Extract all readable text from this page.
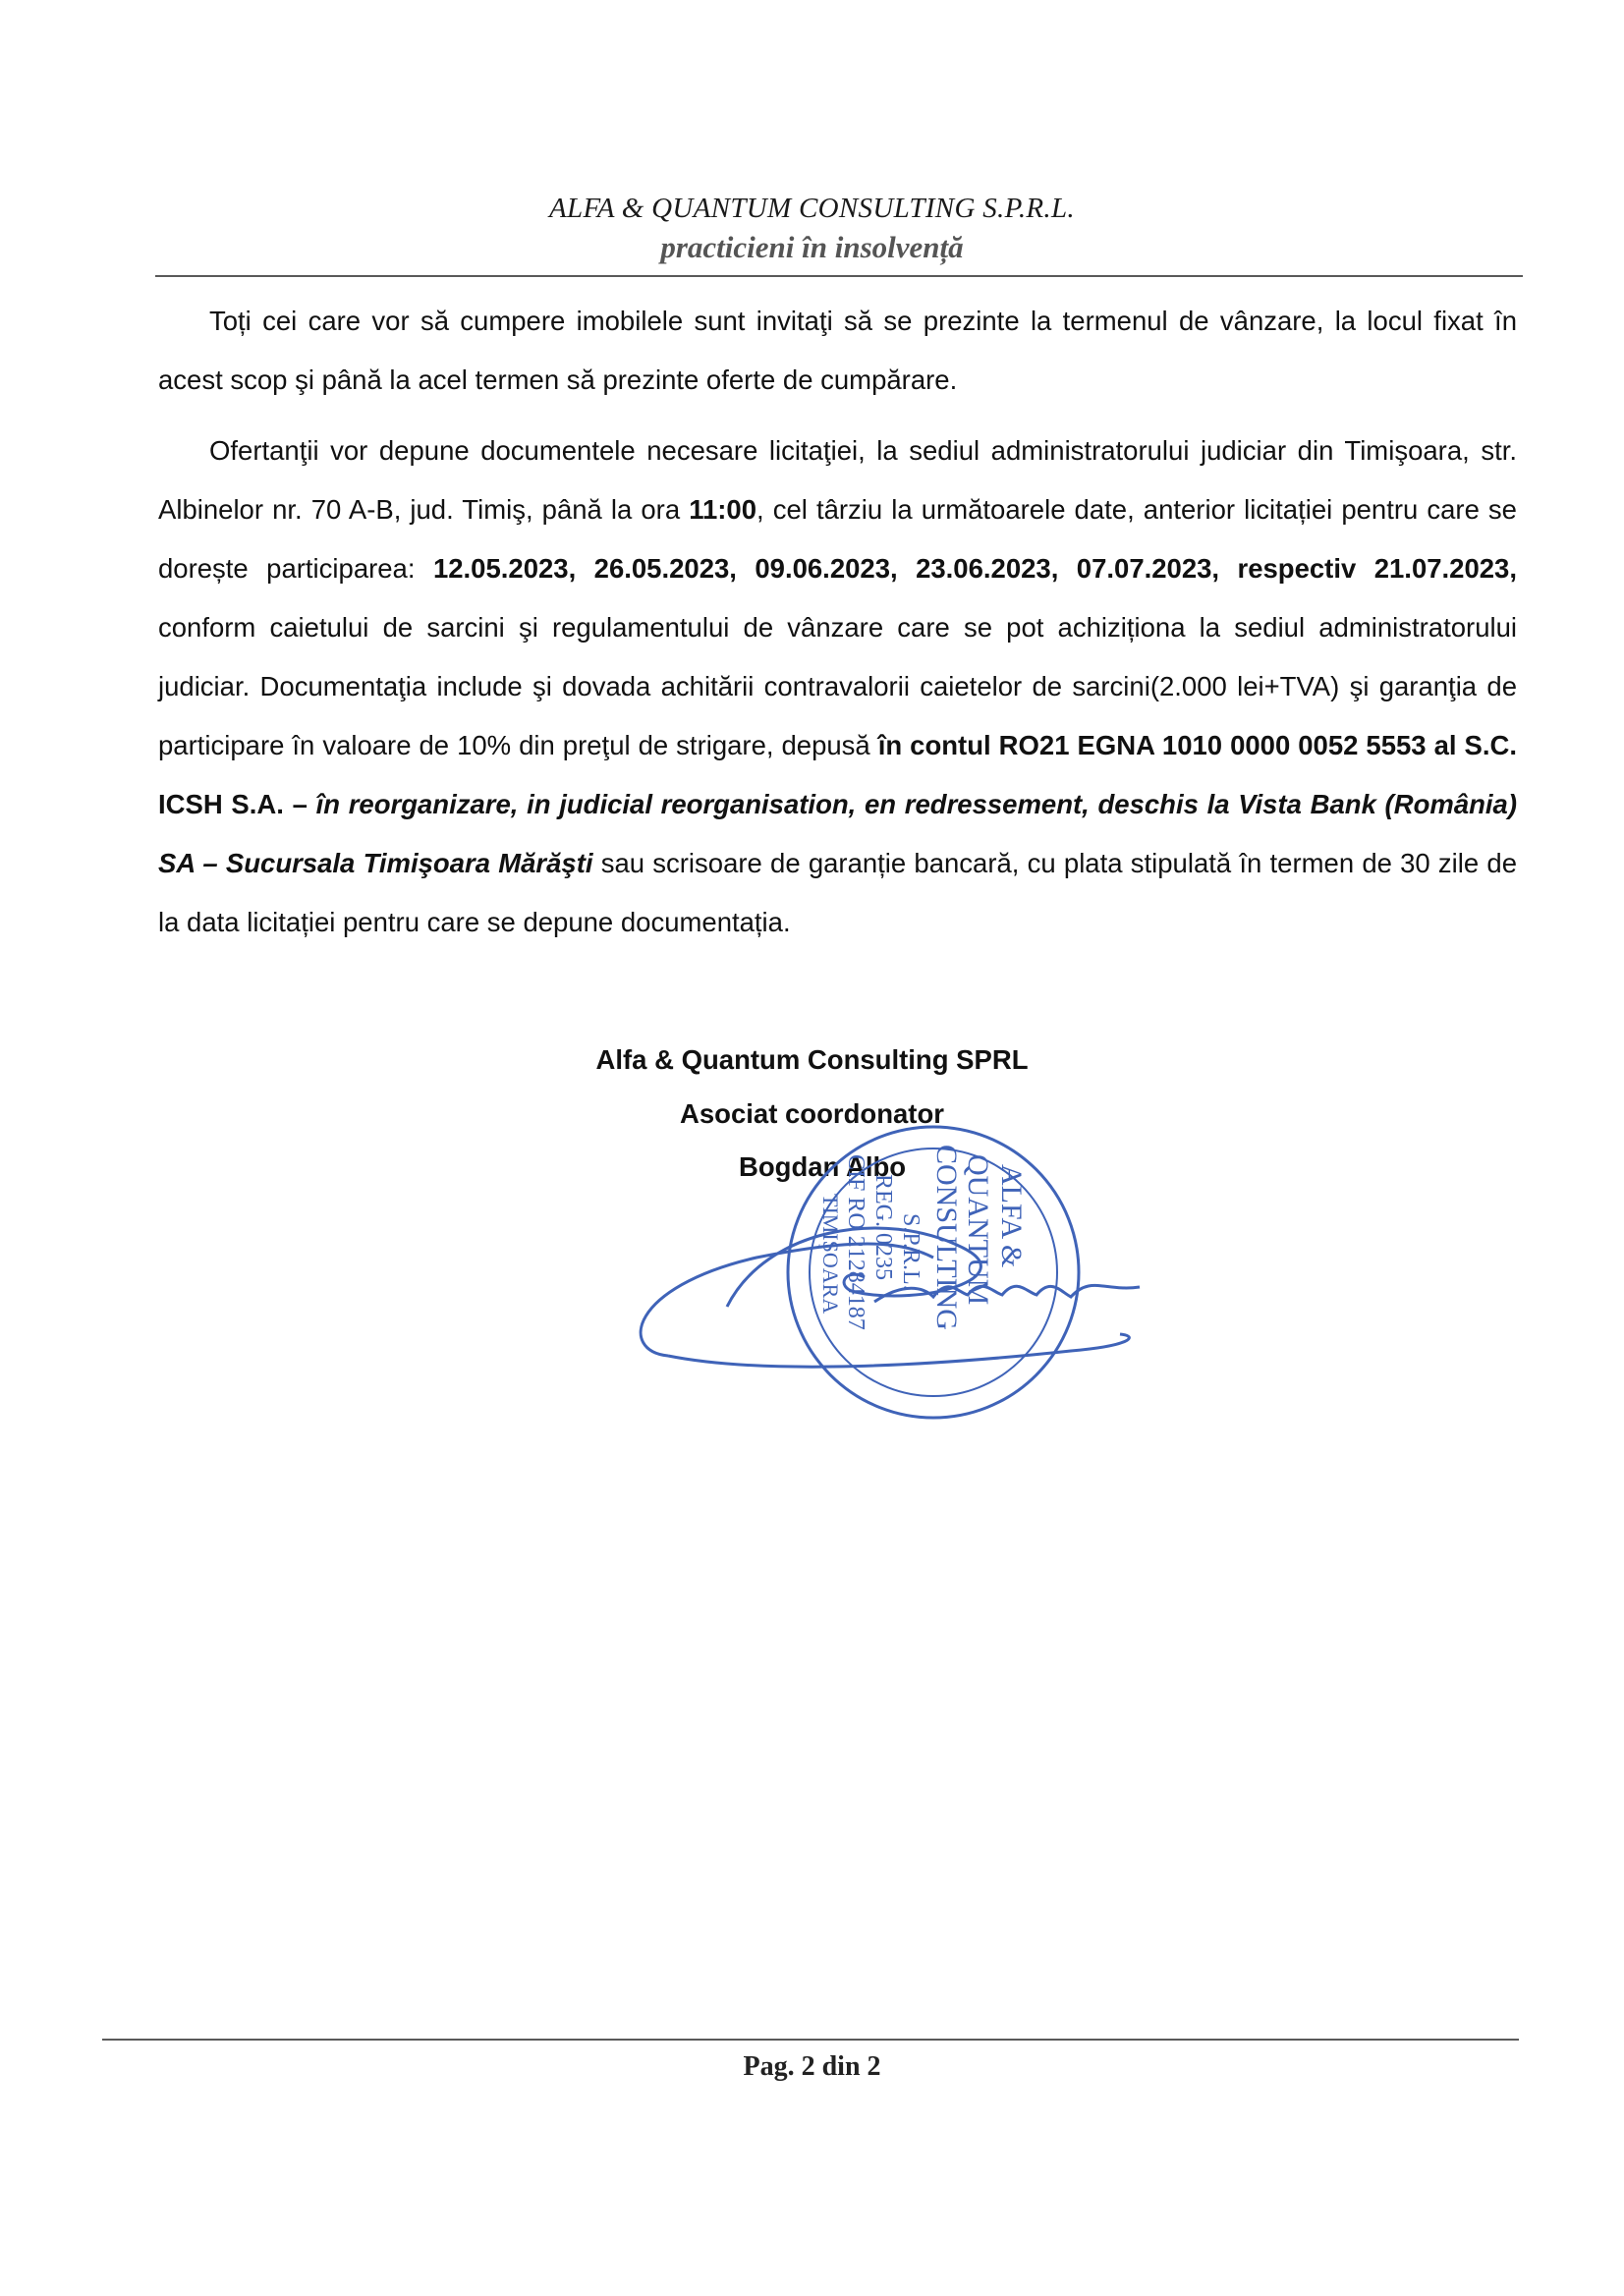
ALFA & QUANTUM CONSULTING S.P.R.L.
practicieni în insolvență

Toți cei care vor să cumpere imobilele sunt invitaţi să se prezinte la termenul de vânzare, la locul fixat în acest scop şi până la acel termen să prezinte oferte de cumpărare.

Ofertanţii vor depune documentele necesare licitaţiei, la sediul administratorului judiciar din Timişoara, str. Albinelor nr. 70 A-B, jud. Timiş, până la ora 11:00, cel târziu la următoarele date, anterior licitației pentru care se dorește participarea: 12.05.2023, 26.05.2023, 09.06.2023, 23.06.2023, 07.07.2023, respectiv 21.07.2023, conform caietului de sarcini şi regulamentului de vânzare care se pot achiziționa la sediul administratorului judiciar. Documentaţia include şi dovada achitării contravalorii caietelor de sarcini(2.000 lei+TVA) şi garanţia de participare în valoare de 10% din preţul de strigare, depusă în contul RO21 EGNA 1010 0000 0052 5553 al S.C. ICSH S.A. – în reorganizare, in judicial reorganisation, en redressement, deschis la Vista Bank (România) SA – Sucursala Timişoara Mărăşti sau scrisoare de garanție bancară, cu plata stipulată în termen de 30 zile de la data licitației pentru care se depune documentația.

Alfa & Quantum Consulting SPRL
Asociat coordonator
Bogdan Albo	ALFA &
QUANTUM
CONSULTING
S.P.R.L.
REG. 0235
CIF RO 21284187
TIMIŞOARA
Pag. 2 din 2
